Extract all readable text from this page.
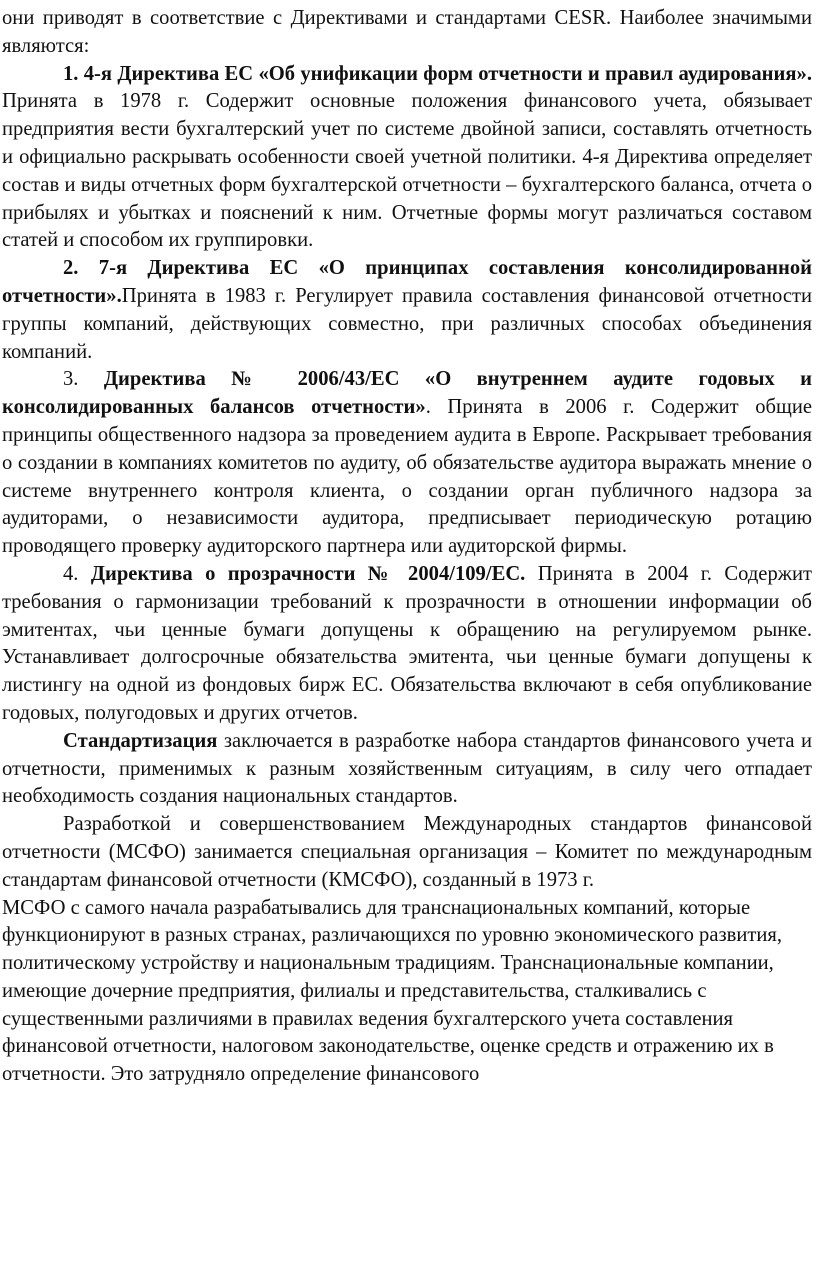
они приводят в соответствие с Директивами и стандартами CESR. Наиболее значимыми являются:

1. 4-я Директива ЕС «Об унификации форм отчетности и правил аудирования». Принята в 1978 г. Содержит основные положения финансового учета, обязывает предприятия вести бухгалтерский учет по системе двойной записи, составлять отчетность и официально раскрывать особенности своей учетной политики. 4-я Директива определяет состав и виды отчетных форм бухгалтерской отчетности – бухгалтерского баланса, отчета о прибылях и убытках и пояснений к ним. Отчетные формы могут различаться составом статей и способом их группировки.

2. 7-я Директива ЕС «О принципах составления консолидированной отчетности».Принята в 1983 г. Регулирует правила составления финансовой отчетности группы компаний, действующих совместно, при различных способах объединения компаний.

3. Директива № 2006/43/ЕС «О внутреннем аудите годовых и консолидированных балансов отчетности». Принята в 2006 г. Содержит общие принципы общественного надзора за проведением аудита в Европе. Раскрывает требования о создании в компаниях комитетов по аудиту, об обязательстве аудитора выражать мнение о системе внутреннего контроля клиента, о создании орган публичного надзора за аудиторами, о независимости аудитора, предписывает периодическую ротацию проводящего проверку аудиторского партнера или аудиторской фирмы.

4. Директива о прозрачности № 2004/109/ЕС. Принята в 2004 г. Содержит требования о гармонизации требований к прозрачности в отношении информации об эмитентах, чьи ценные бумаги допущены к обращению на регулируемом рынке. Устанавливает долгосрочные обязательства эмитента, чьи ценные бумаги допущены к листингу на одной из фондовых бирж ЕС. Обязательства включают в себя опубликование годовых, полугодовых и других отчетов.

Стандартизация заключается в разработке набора стандартов финансового учета и отчетности, применимых к разным хозяйственным ситуациям, в силу чего отпадает необходимость создания национальных стандартов.

Разработкой и совершенствованием Международных стандартов финансовой отчетности (МСФО) занимается специальная организация – Комитет по международным стандартам финансовой отчетности (КМСФО), созданный в 1973 г.

МСФО с самого начала разрабатывались для транснациональных компаний, которые функционируют в разных странах, различающихся по уровню экономического развития, политическому устройству и национальным традициям. Транснациональные компании, имеющие дочерние предприятия, филиалы и представительства, сталкивались с существенными различиями в правилах ведения бухгалтерского учета составления финансовой отчетности, налоговом законодательстве, оценке средств и отражению их в отчетности. Это затрудняло определение финансового
